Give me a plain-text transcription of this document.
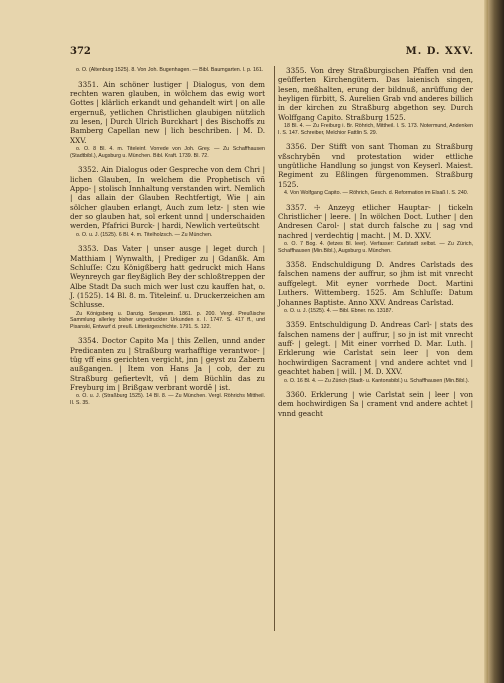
372	M. D. XXV.
o. O. (Altenburg 1525). 8. Von Joh. Bugenhagen. — Bibl. Baumgarten. I. p. 161.
3351. Ain schöner lustiger | Dialogus, von dem rechten waren glauben, in wölchem das ewig wort Gottes | klärlich erkandt und gehandelt wirt | on alle ergernuß, yetlichen Christlichen glaubigen nützlich zu lesen, | Durch Ulrich Burckhart | des Bischoffs zu Bamberg Capellan new | lich beschriben. | M. D. XXV.
o. O. 8 Bl. 4. m. Titeleinf. Vorrede von Joh. Grey. — Zu Schaffhausen (Stadtbibl.), Augsburg u. München. Bibl. Kraft. 1739. Bl. 72.
3352. Ain Dialogus oder Gespreche von dem Chri | lichen Glauben, In welchem die Prophetisch vñ Appo- | stolisch Innhaltung verstanden wirt. Nemlich | das allain der Glauben Rechtfertigt, Wie | ain sölcher glauben erlangt, Auch zum letz- | sten wie der so glauben hat, sol erkent unnd | underschaiden werden, Pfafrici Burck- | hardi, Newlich verteütscht
o. O. u. J. (1525). 6 Bl. 4. m. Titelholzsch. — Zu München.
3353. Das Vater | unser ausge | leget durch | Matthiam | Wynwalth, | Prediger zu | Gdanßk. Am Schluſſe: Czu Königßberg hatt gedruckt mich Hans Weynreych gar fleyßiglich Bey der schloßtreppen der Albe Stadt Da such mich wer lust czu kauffen hat, o. J. (1525). 14 Bl. 8. m. Titeleinf. u. Druckerzeichen am Schlusse.
Zu Königsberg u. Danzig. Serapeum. 1861. p. 200. Vergl. Preußische Sammlung allerley bisher ungedruckter Urkunden x. I. 1747. S. 417 ff., und Pisanski, Entwurf d. preuß. Litterärgeschichte. 1791. S. 122.
3354. Doctor Capito Ma | this Zellen, unnd ander Predicanten zu | Straßburg warhafftige verantwor- | tüg vff eins gerichten vergicht, jnn | geyst zu Zabern außgangen. | Item von Hans Ja | cob, der zu Straßburg gefiertevlt, vñ | dem Büchlin das zu Freyburg im | Brißgaw verbrant wordē | ist.
o. O. u. J. (Straßburg 1525). 14 Bl. 8. — Zu München. Vergl. Röhrichs Mittheil. II. S. 35.
3355. Von drey Straßburgischen Pfaffen vnd den geüfferten Kirchengütern. Das laienisch singen, lesen, meßhalten, erung der bildnuß, anrüffung der heyligen fürbitt, S. Aurelien Grab vnd anderes billich in der kirchen zu Straßburg abgethon sey. Durch Wolffgang Capito. Straßburg 1525.
18 Bl. 4. — Zu Freiburg i. Br. Röhrich, Mittheil. I. S. 173. Notermund, Andenken I. S. 147. Schreiber, Melchior Fattlin S. 29.
3356. Der Stifft von sant Thoman zu Straßburg vßschrybēn vnd protestation wider ettliche ungütliche Handlung so jungst von Keyserl. Maiest. Regiment zu Eßlingen fürgenommen. Straßburg 1525.
4. Von Wolfgang Capito. — Röhrich, Gesch. d. Reformation im Elsaß I. S. 240.
3357. ☩ Anzeyg etlicher Hauptar- | tickeln Christlicher | leere. | In wölchen Doct. Luther | den Andresen Carol- | stat durch falsche zu | sag vnd nachred | verdechtig | macht. | M. D. XXV.
o. O. 7 Bog. 4. (letzes Bl. leer). Verfasser: Carlstadt selbst. — Zu Zürich, Schaffhausen (Min.Bibl.), Augsburg u. München.
3358. Endschuldigung D. Andres Carlstads des falschen namens der auffrur, so jhm ist mit vnrecht auffgelegt. Mit eyner vorrhede Doct. Martini Luthers. Wittemberg. 1525. Am Schluſſe: Datum Johannes Baptiste. Anno XXV. Andreas Carlstad.
o. O. u. J. (1525). 4. — Bibl. Ebner. no. 13187.
3359. Entschuldigung D. Andreas Carl- | stats des falschen namens der | auffrur, | so jn ist mit vnrecht auff- | gelegt. | Mit einer vorrhed D. Mar. Luth. | Erklerung wie Carlstat sein leer | von dem hochwirdigen Sacrament | vnd andere achtet vnd | geachtet haben | will. | M. D. XXV.
o. O. 16 Bl. 4. — Zu Zürich (Stadt- u. Kantonsbibl.) u. Schaffhausen (Min.Bibl.).
3360. Erklerung | wie Carlstat sein | leer | von dem hochwirdigen Sa | crament vnd andere achtet | vnnd geacht
